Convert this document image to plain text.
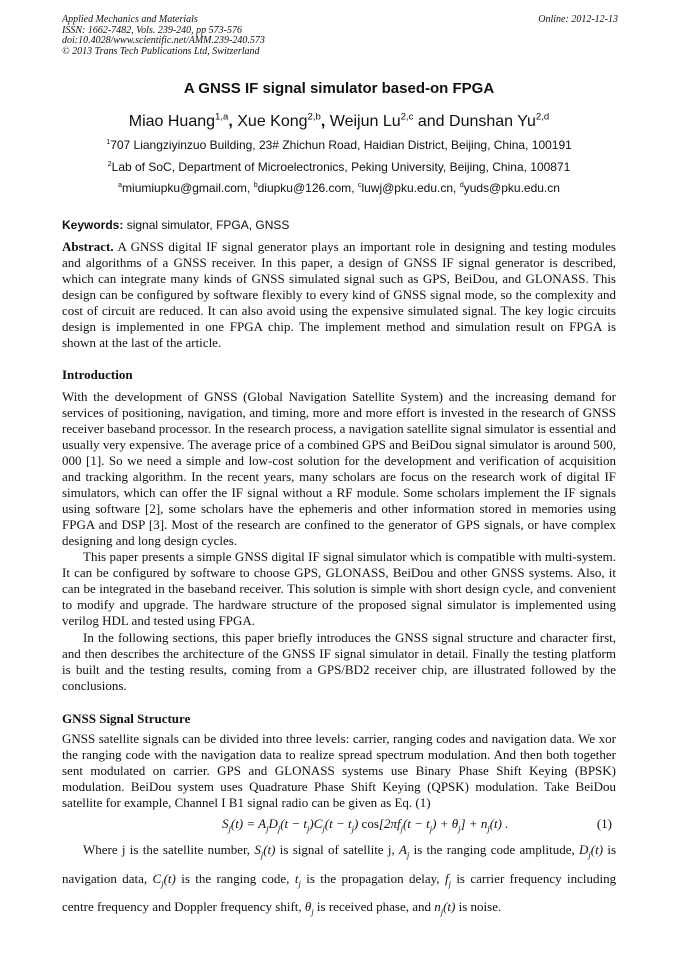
Applied Mechanics and Materials
ISSN: 1662-7482, Vols. 239-240, pp 573-576
doi:10.4028/www.scientific.net/AMM.239-240.573
© 2013 Trans Tech Publications Ltd, Switzerland
Online: 2012-12-13
A GNSS IF signal simulator based-on FPGA
Miao Huang$^{1,a}$, Xue Kong$^{2,b}$, Weijun Lu$^{2,c}$ and Dunshan Yu$^{2,d}$
$^1$707 Liangziyinzuo Building, 23# Zhichun Road, Haidian District, Beijing, China, 100191
$^2$Lab of SoC, Department of Microelectronics, Peking University, Beijing, China, 100871
$^a$miumiupku@gmail.com, $^b$diupku@126.com, $^c$luwj@pku.edu.cn, $^d$yuds@pku.edu.cn
Keywords: signal simulator, FPGA, GNSS

Abstract. A GNSS digital IF signal generator plays an important role in designing and testing modules and algorithms of a GNSS receiver. In this paper, a design of GNSS IF signal generator is described, which can integrate many kinds of GNSS simulated signal such as GPS, BeiDou, and GLONASS. This design can be configured by software flexibly to every kind of GNSS signal mode, so the complexity and cost of circuit are reduced. It can also avoid using the expensive simulated signal. The key logic circuits design is implemented in one FPGA chip. The implement method and simulation result on FPGA is shown at the last of the article.

Introduction

With the development of GNSS (Global Navigation Satellite System) and the increasing demand for services of positioning, navigation, and timing, more and more effort is invested in the research of GNSS receiver baseband processor. In the research process, a navigation satellite signal simulator is essential and usually very expensive. The average price of a combined GPS and BeiDou signal simulator is around 500, 000 [1]. So we need a simple and low-cost solution for the development and verification of acquisition and tracking algorithm. In the recent years, many scholars are focus on the research work of digital IF simulators, which can offer the IF signal without a RF module. Some scholars implement the IF signals using software [2], some scholars have the ephemeris and other information stored in memories using FPGA and DSP [3]. Most of the research are confined to the generator of GPS signals, or have complex designing and long design cycles.

This paper presents a simple GNSS digital IF signal simulator which is compatible with multi-system. It can be configured by software to choose GPS, GLONASS, BeiDou and other GNSS systems. Also, it can be integrated in the baseband receiver. This solution is simple with short design cycle, and convenient to modify and upgrade. The hardware structure of the proposed signal simulator is implemented using verilog HDL and tested using FPGA.

In the following sections, this paper briefly introduces the GNSS signal structure and character first, and then describes the architecture of the GNSS IF signal simulator in detail. Finally the testing platform is built and the testing results, coming from a GPS/BD2 receiver chip, are illustrated followed by the conclusions.

GNSS Signal Structure

GNSS satellite signals can be divided into three levels: carrier, ranging codes and navigation data. We xor the ranging code with the navigation data to realize spread spectrum modulation. And then both together sent modulated on carrier. GPS and GLONASS systems use Binary Phase Shift Keying (BPSK) modulation. BeiDou system uses Quadrature Phase Shift Keying (QPSK) modulation. Take BeiDou satellite for example, Channel I B1 signal radio can be given as Eq. (1)

$S_j(t) = A_jD_j(t - t_j)C_j(t - t_j) \cos[2\pi f_j(t - t_j) + \theta_j] + n_j(t)$ .	(1)

Where j is the satellite number, $S_j(t)$ is signal of satellite j, $A_j$ is the ranging code amplitude, $D_j(t)$ is navigation data, $C_j(t)$ is the ranging code, $t_j$ is the propagation delay, $f_j$ is carrier frequency including centre frequency and Doppler frequency shift, $\theta_j$ is received phase, and $n_j(t)$ is noise.
